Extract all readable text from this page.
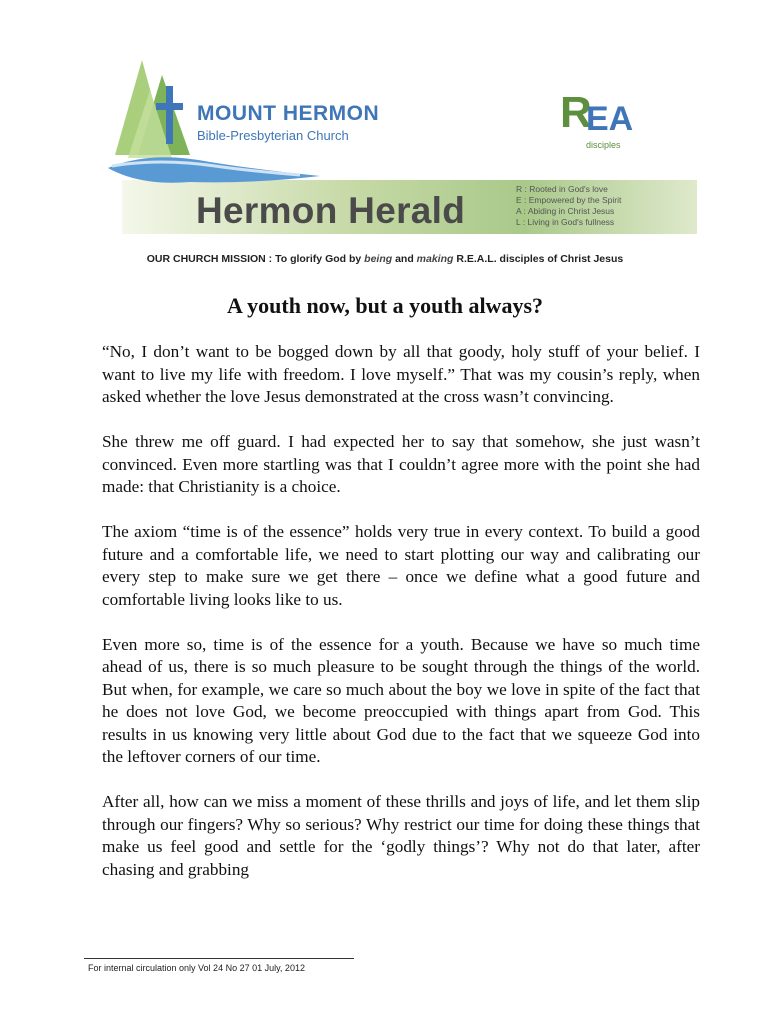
MOUNT HERMON
Bible-Presbyterian Church	R
EA
disciples
Hermon Herald
R : Rooted in God's love
E : Empowered by the Spirit
A : Abiding in Christ Jesus
L : Living in God's fullness
OUR CHURCH MISSION : To glorify God by being and making R.E.A.L. disciples of Christ Jesus
A youth now, but a youth always?

“No, I don’t want to be bogged down by all that goody, holy stuff of your belief. I want to live my life with freedom. I love myself.” That was my cousin’s reply, when asked whether the love Jesus demonstrated at the cross wasn’t convincing.

She threw me off guard. I had expected her to say that somehow, she just wasn’t convinced. Even more startling was that I couldn’t agree more with the point she had made: that Christianity is a choice.

The axiom “time is of the essence” holds very true in every context. To build a good future and a comfortable life, we need to start plotting our way and calibrating our every step to make sure we get there – once we define what a good future and comfortable living looks like to us.

Even more so, time is of the essence for a youth. Because we have so much time ahead of us, there is so much pleasure to be sought through the things of the world. But when, for example, we care so much about the boy we love in spite of the fact that he does not love God, we become preoccupied with things apart from God. This results in us knowing very little about God due to the fact that we squeeze God into the leftover corners of our time.

After all, how can we miss a moment of these thrills and joys of life, and let them slip through our fingers? Why so serious? Why restrict our time for doing these things that make us feel good and settle for the ‘godly things’? Why not do that later, after chasing and grabbing

For internal circulation only Vol 24 No 27 01 July, 2012
